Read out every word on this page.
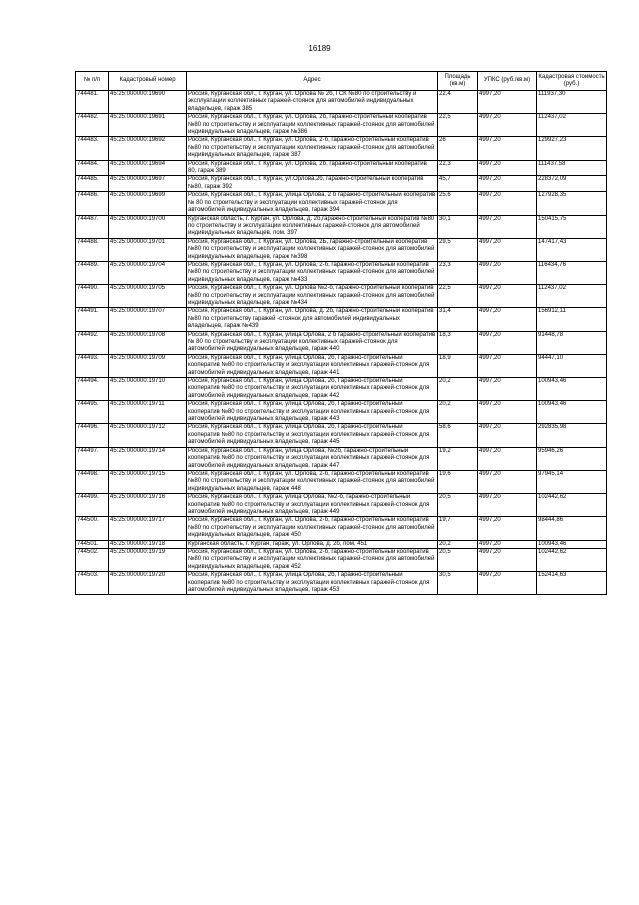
16189
№ п/п	Кадастровый номер	Адрес	Площадь (кв.м)	УПКС (руб./кв.м)	Кадастровая стоимость (руб.)
744481.	45:25:000000:19690	Россия, Курганская обл., г. Курган, ул. Орлова № 2б, ГСК №80 по строительству и эксплуатации коллективных гаражей-стоянок для автомобилей индивидуальных владельцев, гараж 385	22,4	4997,20	111937,30
744482.	45:25:000000:19691	Россия, Курганская обл., г. Курган, ул. Орлова, 2б, гаражно-строительный кооператив №80 по строительству и эксплуатации коллективных гаражей-стоянок для автомобилей индивидуальных владельцев, гараж №386	22,5	4997,20	112437,02
744483.	45:25:000000:19692	Россия, Курганская обл., г. Курган, ул. Орлова, 2-б, гаражно-строительный кооператив №80 по строительству и эксплуатации коллективных гаражей-стоянок для автомобилей индивидуальных владельцев, гараж 387	26	4997,20	129927,23
744484.	45:25:000000:19694	Россия, Курганская обл., г. Курган, ул. Орлова, 2б, гаражно-строительный кооператив 80, гараж 389	22,3	4997,20	111437,58
744485.	45:25:000000:19697	Россия, Курганская обл., г. Курган, ул.Орлова,2б, гаражно-строительный кооператив №80, гараж 392	45,7	4997,20	228372,09
744486.	45:25:000000:19699	Россия, Курганская обл., г. Курган, улица Орлова, 2 б гаражно-строительный кооператив № 80 по строительству и эксплуатации коллективных гаражей-стоянок для автомобилей индивидуальных владельцев, гараж 394	25,6	4997,20	127928,35
744487.	45:25:000000:19700	Курганская область, г. Курган, ул. Орлова, д. 2б,гаражно-строительный кооператив №80 по строительству и эксплуатации коллективных гаражей-стоянок для автомобилей индивидуальных владельцев, пом. 397	30,1	4997,20	150415,75
744488.	45:25:000000:19701	Россия, Курганская обл., г. Курган, ул. Орлова, 2Б, гаражно-строительный кооператив №80 по строительству и эксплуатации коллективных гаражей-стоянок для автомобилей индивидуальных владельцев, гараж №398	29,5	4997,20	147417,43
744489.	45:25:000000:19704	Россия, Курганская обл., г. Курган, ул. Орлова, 2-б, гаражно-строительный кооператив №80 по строительству и эксплуатации коллективных гаражей-стоянок для автомобилей индивидуальных владельцев, гараж №433	23,3	4997,20	116434,76
744490.	45:25:000000:19705	Россия, Курганская обл., г. Курган, ул. Орлова №2-б, гаражно-строительный кооператив №80 по строительству и эксплуатации коллективных гаражей-стоянок для автомобилей индивидуальных владельцев, гараж №434	22,5	4997,20	112437,02
744491.	45:25:000000:19707	Россия, Курганская обл., г. Курган, ул. Орлова, д. 2б, гаражно-строительный кооператив №80 по строительству гаражей -стоянок для автомобилей индивидуальных владельцев, гараж №439	31,4	4997,20	156912,11
744492.	45:25:000000:19708	Россия, Курганская обл., г. Курган, улица Орлова, 2 б гаражно-строительный кооператив № 80 по строительству и эксплуатации коллективных гаражей-стоянок для автомобилей индивидуальных владельцев, гараж 440	18,3	4997,20	91448,78
744493.	45:25:000000:19709	Россия, Курганская обл., г. Курган, улица Орлова, 2б, Гаражно-строительный кооператив №80 по строительству и эксплуатации коллективных гаражей-стоянок для автомобилей индивидуальных владельцев, гараж 441	18,9	4997,20	94447,10
744494.	45:25:000000:19710	Россия, Курганская обл., г. Курган, улица Орлова, 2б, Гаражно-строительный кооператив №80 по строительству и эксплуатации коллективных гаражей-стоянок для автомобилей индивидуальных владельцев, гараж 442	20,2	4997,20	100943,46
744495.	45:25:000000:19711	Россия, Курганская обл., г. Курган, улица Орлова, 2б, Гаражно-строительный кооператив №80 по строительству и эксплуатации коллективных гаражей-стоянок для автомобилей индивидуальных владельцев, гараж 443	20,2	4997,20	100943,46
744496.	45:25:000000:19712	Россия, Курганская обл., г. Курган, улица Орлова, 2б, Гаражно-строительный кооператив №80 по строительству и эксплуатации коллективных гаражей-стоянок для автомобилей индивидуальных владельцев, гараж 445	58,6	4997,20	292835,98
744497.	45:25:000000:19714	Россия, Курганская обл., г. Курган, улица Орлова, №2б, гаражно-строительный кооператив №80 по строительству и эксплуатации коллективных гаражей-стоянок для автомобилей индивидуальных владельцев, гараж 447	19,2	4997,20	95946,26
744498.	45:25:000000:19715	Россия, Курганская обл., г. Курган, ул. Орлова, 2-б, гаражно-строительный кооператив №80 по строительству и эксплуатации коллективных гаражей-стоянок для автомобилей индивидуальных владельцев, гараж 448	19,6	4997,20	97945,14
744499.	45:25:000000:19716	Россия, Курганская обл., г. Курган, улица Орлова, №2-б, гаражно-строительный кооператив №80 по строительству и эксплуатации коллективных гаражей-стоянок для автомобилей индивидуальных владельцев, гараж 449	20,5	4997,20	102442,62
744500.	45:25:000000:19717	Россия, Курганская обл., г. Курган, ул. Орлова, 2-б, гаражно-строительный кооператив №80 по строительству и эксплуатации коллективных гаражей-стоянок для автомобилей индивидуальных владельцев, гараж 450	19,7	4997,20	98444,86
744501.	45:25:000000:19718	Курганская область, г. Курган, гараж, ул. Орлова, д. 2б, пом. 451	20,2	4997,20	100943,46
744502.	45:25:000000:19719	Россия, Курганская обл., г. Курган, ул. Орлова, 2-б, гаражно-строительный кооператив №80 по строительству и эксплуатации коллективных гаражей-стоянок для автомобилей индивидуальных владельцев, гараж 452	20,5	4997,20	102442,62
744503.	45:25:000000:19720	Россия, Курганская обл., г. Курган, улица Орлова, 2б, Гаражно-строительный кооператив №80 по строительству и эксплуатации коллективных гаражей-стоянок для автомобилей индивидуальных владельцев, гараж 453	30,5	4997,20	152414,63
